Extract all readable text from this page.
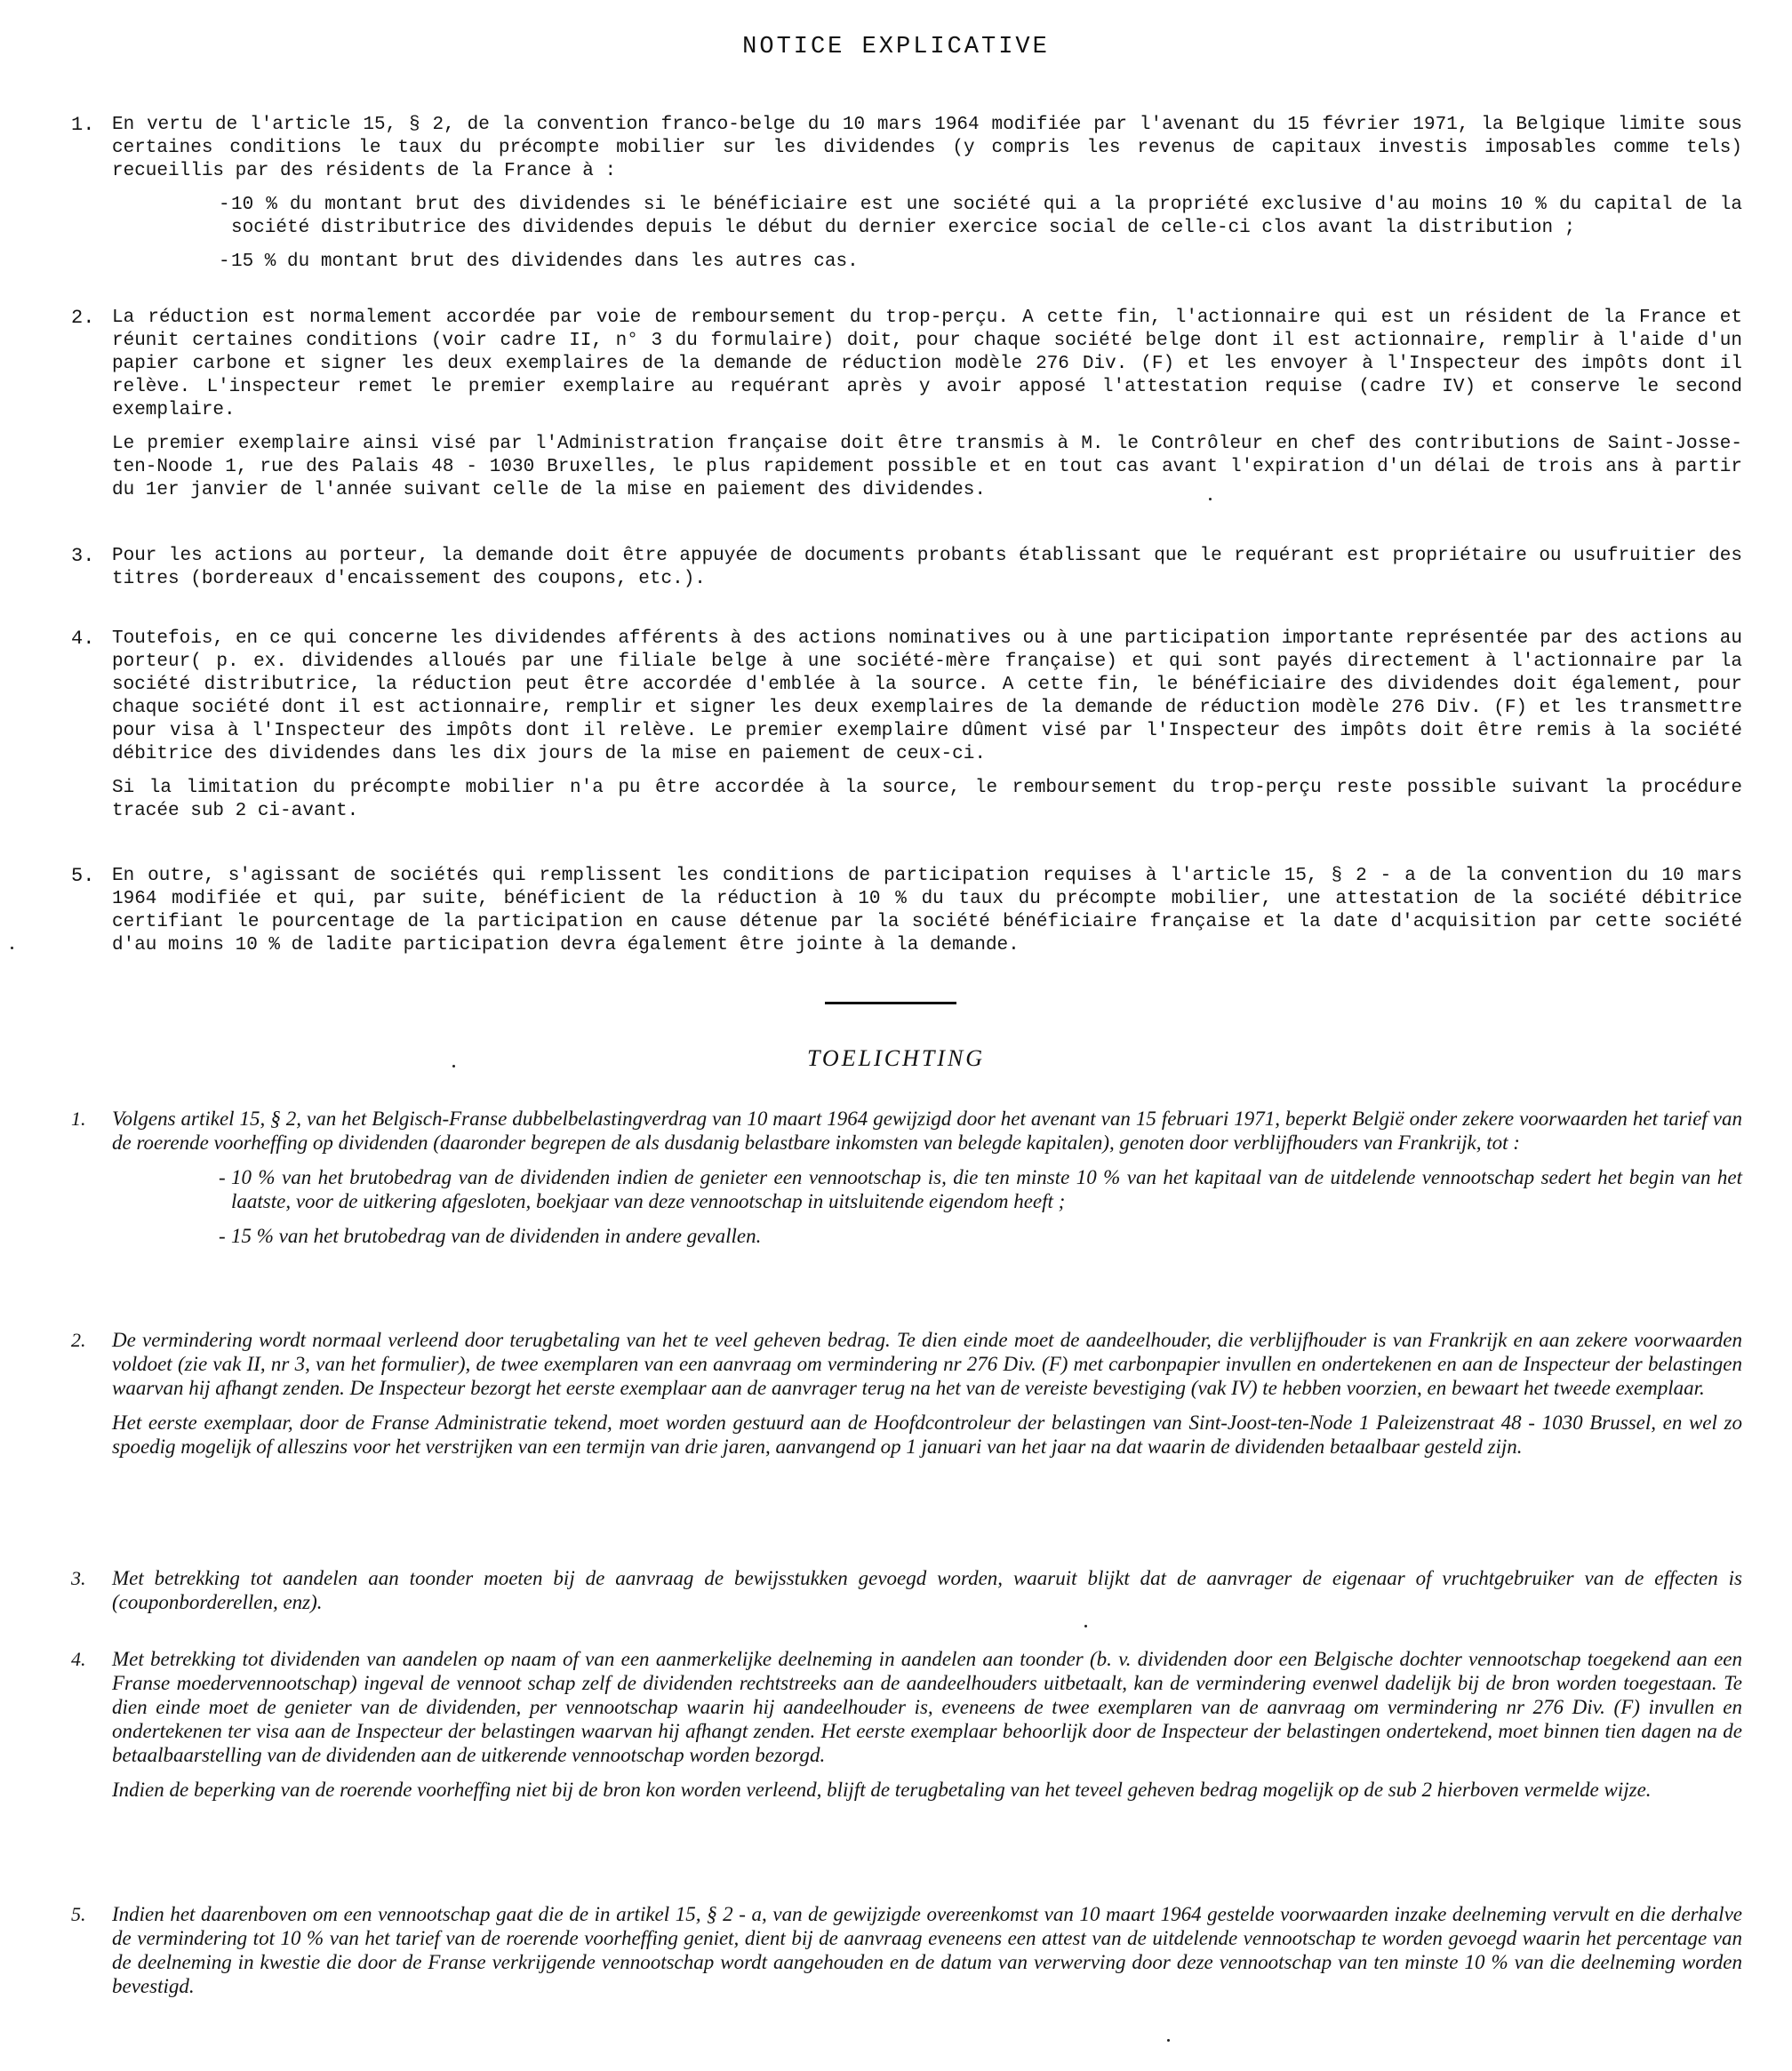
NOTICE EXPLICATIVE
1. En vertu de l'article 15, § 2, de la convention franco-belge du 10 mars 1964 modifiée par l'avenant du 15 février 1971, la Belgique limite sous certaines conditions le taux du précompte mobilier sur les dividendes (y compris les revenus de capitaux investis imposables comme tels) recueillis par des résidents de la France à :

- 10 % du montant brut des dividendes si le bénéficiaire est une société qui a la propriété exclusive d'au moins 10 % du capital de la société distributrice des dividendes depuis le début du dernier exercice social de celle-ci clos avant la distribution ;
- 15 % du montant brut des dividendes dans les autres cas.
2. La réduction est normalement accordée par voie de remboursement du trop-perçu. A cette fin, l'actionnaire qui est un résident de la France et réunit certaines conditions (voir cadre II, n° 3 du formulaire) doit, pour chaque société belge dont il est actionnaire, remplir à l'aide d'un papier carbone et signer les deux exemplaires de la demande de réduction modèle 276 Div. (F) et les envoyer à l'Inspecteur des impôts dont il relève. L'inspecteur remet le premier exemplaire au requérant après y avoir apposé l'attestation requise (cadre IV) et conserve le second exemplaire.

Le premier exemplaire ainsi visé par l'Administration française doit être transmis à M. le Contrôleur en chef des contributions de Saint-Josse-ten-Noode 1, rue des Palais 48 - 1030 Bruxelles, le plus rapidement possible et en tout cas avant l'expiration d'un délai de trois ans à partir du 1er janvier de l'année suivant celle de la mise en paiement des dividendes.

3. Pour les actions au porteur, la demande doit être appuyée de documents probants établissant que le requérant est propriétaire ou usufruitier des titres (bordereaux d'encaissement des coupons, etc.).

4. Toutefois, en ce qui concerne les dividendes afférents à des actions nominatives ou à une participation importante représentée par des actions au porteur( p. ex. dividendes alloués par une filiale belge à une société-mère française) et qui sont payés directement à l'actionnaire par la société distributrice, la réduction peut être accordée d'emblée à la source. A cette fin, le bénéficiaire des dividendes doit également, pour chaque société dont il est actionnaire, remplir et signer les deux exemplaires de la demande de réduction modèle 276 Div. (F) et les transmettre pour visa à l'Inspecteur des impôts dont il relève. Le premier exemplaire dûment visé par l'Inspecteur des impôts doit être remis à la société débitrice des dividendes dans les dix jours de la mise en paiement de ceux-ci.

Si la limitation du précompte mobilier n'a pu être accordée à la source, le remboursement du trop-perçu reste possible suivant la procédure tracée sub 2 ci-avant.

5. En outre, s'agissant de sociétés qui remplissent les conditions de participation requises à l'article 15, § 2 - a de la convention du 10 mars 1964 modifiée et qui, par suite, bénéficient de la réduction à 10 % du taux du précompte mobilier, une attestation de la société débitrice certifiant le pourcentage de la participation en cause détenue par la société bénéficiaire française et la date d'acquisition par cette société d'au moins 10 % de ladite participation devra également être jointe à la demande.

TOELICHTING
1.	Volgens artikel 15, § 2, van het Belgisch-Franse dubbelbelastingverdrag van 10 maart 1964 gewijzigd door het avenant van 15 februari 1971, beperkt België onder zekere voorwaarden het tarief van de roerende voorheffing op dividenden (daaronder begrepen de als dusdanig belastbare inkomsten van belegde kapitalen), genoten door verblijfhouders van Frankrijk, tot :

- 10 % van het brutobedrag van de dividenden indien de genieter een vennootschap is, die ten minste 10 % van het kapitaal van de uitdelende vennootschap sedert het begin van het laatste, voor de uitkering afgesloten, boekjaar van deze vennootschap in uitsluitende eigendom heeft ;
- 15 % van het brutobedrag van de dividenden in andere gevallen.
2.	De vermindering wordt normaal verleend door terugbetaling van het te veel geheven bedrag. Te dien einde moet de aandeelhouder, die verblijfhouder is van Frankrijk en aan zekere voorwaarden voldoet (zie vak II, nr 3, van het formulier), de twee exemplaren van een aanvraag om vermindering nr 276 Div. (F) met carbonpapier invullen en ondertekenen en aan de Inspecteur der belastingen waarvan hij afhangt zenden. De Inspecteur bezorgt het eerste exemplaar aan de aanvrager terug na het van de vereiste bevestiging (vak IV) te hebben voorzien, en bewaart het tweede exemplaar.

Het eerste exemplaar, door de Franse Administratie tekend, moet worden gestuurd aan de Hoofdcontroleur der belastingen van Sint-Joost-ten-Node 1 Paleizenstraat 48 - 1030 Brussel, en wel zo spoedig mogelijk of alleszins voor het verstrijken van een termijn van drie jaren, aanvangend op 1 januari van het jaar na dat waarin de dividenden betaalbaar gesteld zijn.

3.	Met betrekking tot aandelen aan toonder moeten bij de aanvraag de bewijsstukken gevoegd worden, waaruit blijkt dat de aanvrager de eigenaar of vruchtgebruiker van de effecten is (couponborderellen, enz).

4.	Met betrekking tot dividenden van aandelen op naam of van een aanmerkelijke deelneming in aandelen aan toonder (b. v. dividenden door een Belgische dochter vennootschap toegekend aan een Franse moedervennootschap) ingeval de vennoot schap zelf de dividenden rechtstreeks aan de aandeelhouders uitbetaalt, kan de vermindering evenwel dadelijk bij de bron worden toegestaan. Te dien einde moet de genieter van de dividenden, per vennootschap waarin hij aandeelhouder is, eveneens de twee exemplaren van de aanvraag om vermindering nr 276 Div. (F) invullen en ondertekenen ter visa aan de Inspecteur der belastingen waarvan hij afhangt zenden. Het eerste exemplaar behoorlijk door de Inspecteur der belastingen ondertekend, moet binnen tien dagen na de betaalbaarstelling van de dividenden aan de uitkerende vennootschap worden bezorgd.

Indien de beperking van de roerende voorheffing niet bij de bron kon worden verleend, blijft de terugbetaling van het teveel geheven bedrag mogelijk op de sub 2 hierboven vermelde wijze.

5.	Indien het daarenboven om een vennootschap gaat die de in artikel 15, § 2 - a, van de gewijzigde overeenkomst van 10 maart 1964 gestelde voorwaarden inzake deelneming vervult en die derhalve de vermindering tot 10 % van het tarief van de roerende voorheffing geniet, dient bij de aanvraag eveneens een attest van de uitdelende vennootschap te worden gevoegd waarin het percentage van de deelneming in kwestie die door de Franse verkrijgende vennootschap wordt aangehouden en de datum van verwerving door deze vennootschap van ten minste 10 % van die deelneming worden bevestigd.
